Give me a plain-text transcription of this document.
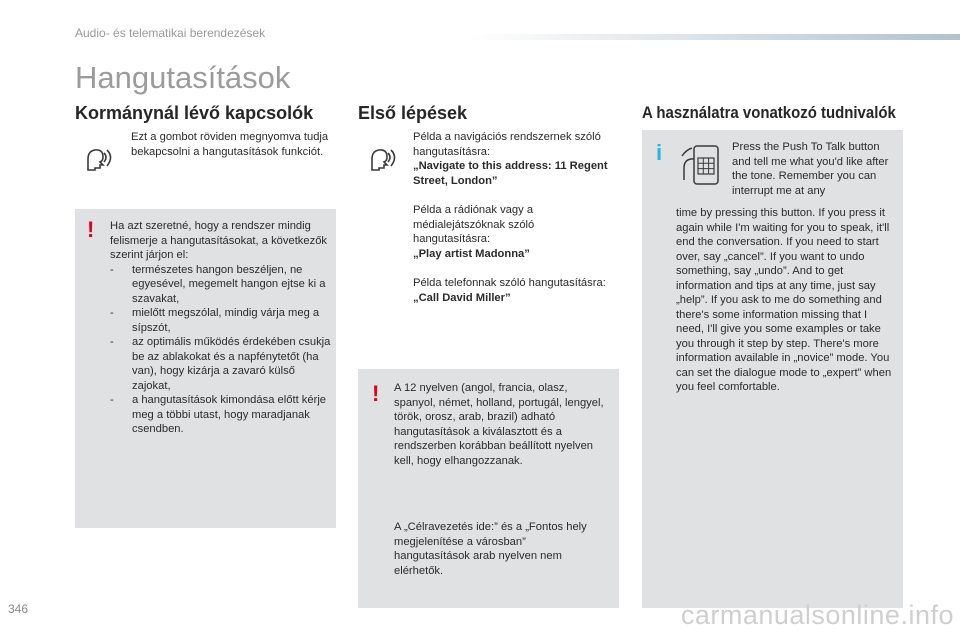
Audio- és telematikai berendezések
Hangutasítások
Kormánynál lévő kapcsolók
Ezt a gombot röviden megnyomva tudja bekapcsolni a hangutasítások funkciót.
! Ha azt szeretné, hogy a rendszer mindig felismerje a hangutasításokat, a következők szerint járjon el:
- természetes hangon beszéljen, ne egyesével, megemelt hangon ejtse ki a szavakat,
- mielőtt megszólal, mindig várja meg a sípszót,
- az optimális működés érdekében csukja be az ablakokat és a napfénytetőt (ha van), hogy kizárja a zavaró külső zajokat,
- a hangutasítások kimondása előtt kérje meg a többi utast, hogy maradjanak csendben.
Első lépések
Példa a navigációs rendszernek szóló hangutasításra:
„Navigate to this address: 11 Regent Street, London”
Példa a rádiónak vagy a médialejátszóknak szóló hangutasításra:
„Play artist Madonna”
Példa telefonnak szóló hangutasításra:
„Call David Miller”
! A 12 nyelven (angol, francia, olasz, spanyol, német, holland, portugál, lengyel, török, orosz, arab, brazil) adható hangutasítások a kiválasztott és a rendszerben korábban beállított nyelven kell, hogy elhangozzanak.
A „Célravezetés ide:” és a „Fontos hely megjelenítése a városban” hangutasítások arab nyelven nem elérhetők.
A használatra vonatkozó tudnivalók
i	Press the Push To Talk button and tell me what you'd like after the tone. Remember you can interrupt me at any
time by pressing this button. If you press it again while I'm waiting for you to speak, it'll end the conversation. If you need to start over, say „cancel”. If you want to undo something, say „undo”. And to get information and tips at any time, just say „help”. If you ask to me do something and there's some information missing that I need, I'll give you some examples or take you through it step by step. There's more information available in „novice” mode. You can set the dialogue mode to „expert” when you feel comfortable.
346	carmanualsonline.info
